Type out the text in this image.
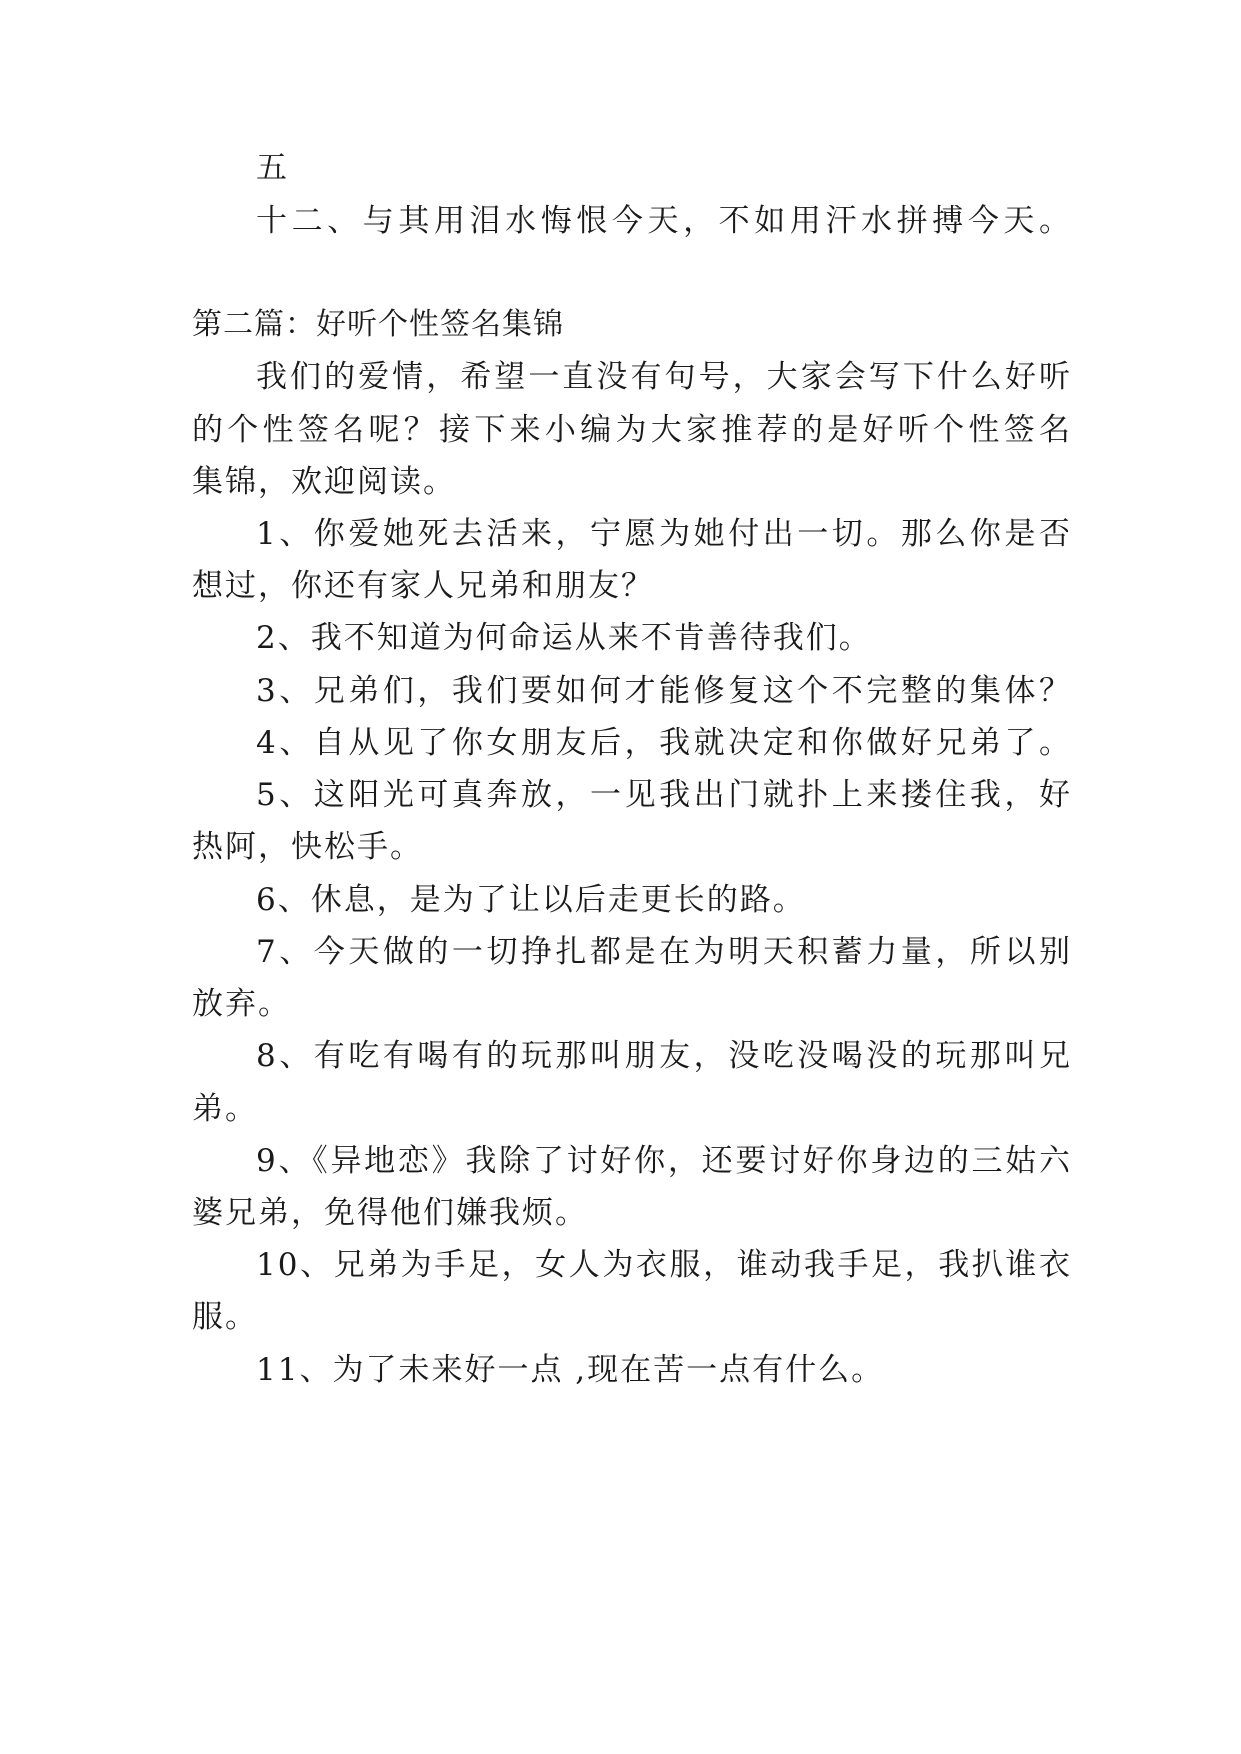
五
十二、与其用泪水悔恨今天，不如用汗水拼搏今天。
第二篇：好听个性签名集锦
我们的爱情，希望一直没有句号，大家会写下什么好听
的个性签名呢？接下来小编为大家推荐的是好听个性签名
集锦，欢迎阅读。
1、你爱她死去活来，宁愿为她付出一切。那么你是否
想过，你还有家人兄弟和朋友？
2、我不知道为何命运从来不肯善待我们。
3、兄弟们，我们要如何才能修复这个不完整的集体？
4、自从见了你女朋友后，我就决定和你做好兄弟了。
5、这阳光可真奔放，一见我出门就扑上来搂住我，好
热阿，快松手。
6、休息，是为了让以后走更长的路。
7、今天做的一切挣扎都是在为明天积蓄力量，所以别
放弃。
8、有吃有喝有的玩那叫朋友，没吃没喝没的玩那叫兄
弟。
9、《异地恋》我除了讨好你，还要讨好你身边的三姑六
婆兄弟，免得他们嫌我烦。
10、兄弟为手足，女人为衣服，谁动我手足，我扒谁衣
服。
11、为了未来好一点 ,现在苦一点有什么。
